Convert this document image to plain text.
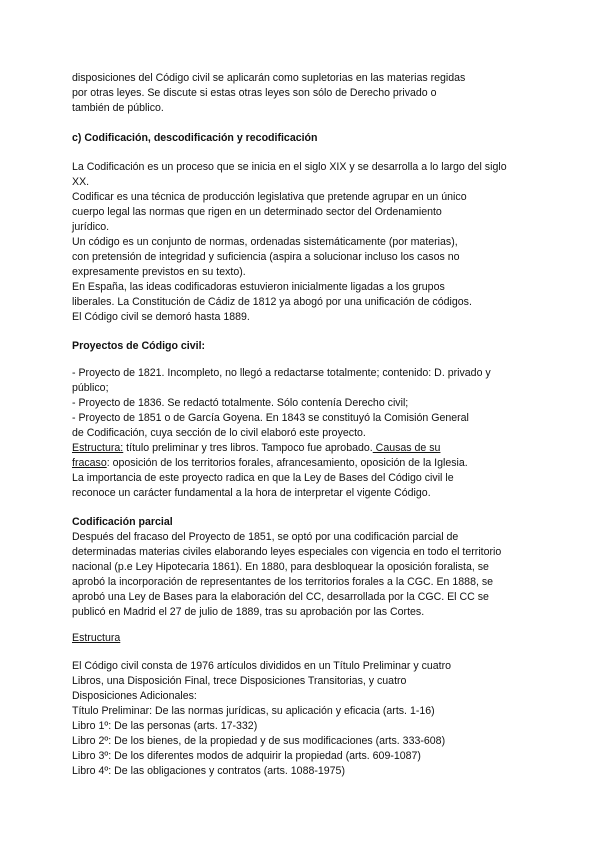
disposiciones del Código civil se aplicarán como supletorias en las materias regidas
por otras leyes. Se discute si estas otras leyes son sólo de Derecho privado o
también de público.
c) Codificación, descodificación y recodificación
La Codificación es un proceso que se inicia en el siglo XIX y se desarrolla a lo largo del siglo
XX.
Codificar es una técnica de producción legislativa que pretende agrupar en un único
cuerpo legal las normas que rigen en un determinado sector del Ordenamiento
jurídico.
Un código es un conjunto de normas, ordenadas sistemáticamente (por materias),
con pretensión de integridad y suficiencia (aspira a solucionar incluso los casos no
expresamente previstos en su texto).
En España, las ideas codificadoras estuvieron inicialmente ligadas a los grupos
liberales. La Constitución de Cádiz de 1812 ya abogó por una unificación de códigos.
El Código civil se demoró hasta 1889.
Proyectos de Código civil:
- Proyecto de 1821. Incompleto, no llegó a redactarse totalmente; contenido: D. privado y
público;
- Proyecto de 1836. Se redactó totalmente. Sólo contenía Derecho civil;
- Proyecto de 1851 o de García Goyena. En 1843 se constituyó la Comisión General
de Codificación, cuya sección de lo civil elaboró este proyecto.
Estructura: título preliminar y tres libros. Tampoco fue aprobado. Causas de su
fracaso: oposición de los territorios forales, afrancesamiento, oposición de la Iglesia.
La importancia de este proyecto radica en que la Ley de Bases del Código civil le
reconoce un carácter fundamental a la hora de interpretar el vigente Código.
Codificación parcial
Después del fracaso del Proyecto de 1851, se optó por una codificación parcial de
determinadas materias civiles elaborando leyes especiales con vigencia en todo el territorio
nacional (p.e Ley Hipotecaria 1861). En 1880, para desbloquear la oposición foralista, se
aprobó la incorporación de representantes de los territorios forales a la CGC. En 1888, se
aprobó una Ley de Bases para la elaboración del CC, desarrollada por la CGC. El CC se
publicó en Madrid el 27 de julio de 1889, tras su aprobación por las Cortes.
Estructura
El Código civil consta de 1976 artículos divididos en un Título Preliminar y cuatro
Libros, una Disposición Final, trece Disposiciones Transitorias, y cuatro
Disposiciones Adicionales:
Título Preliminar: De las normas jurídicas, su aplicación y eficacia (arts. 1-16)
Libro 1º: De las personas (arts. 17-332)
Libro 2º: De los bienes, de la propiedad y de sus modificaciones (arts. 333-608)
Libro 3º: De los diferentes modos de adquirir la propiedad (arts. 609-1087)
Libro 4º: De las obligaciones y contratos (arts. 1088-1975)
